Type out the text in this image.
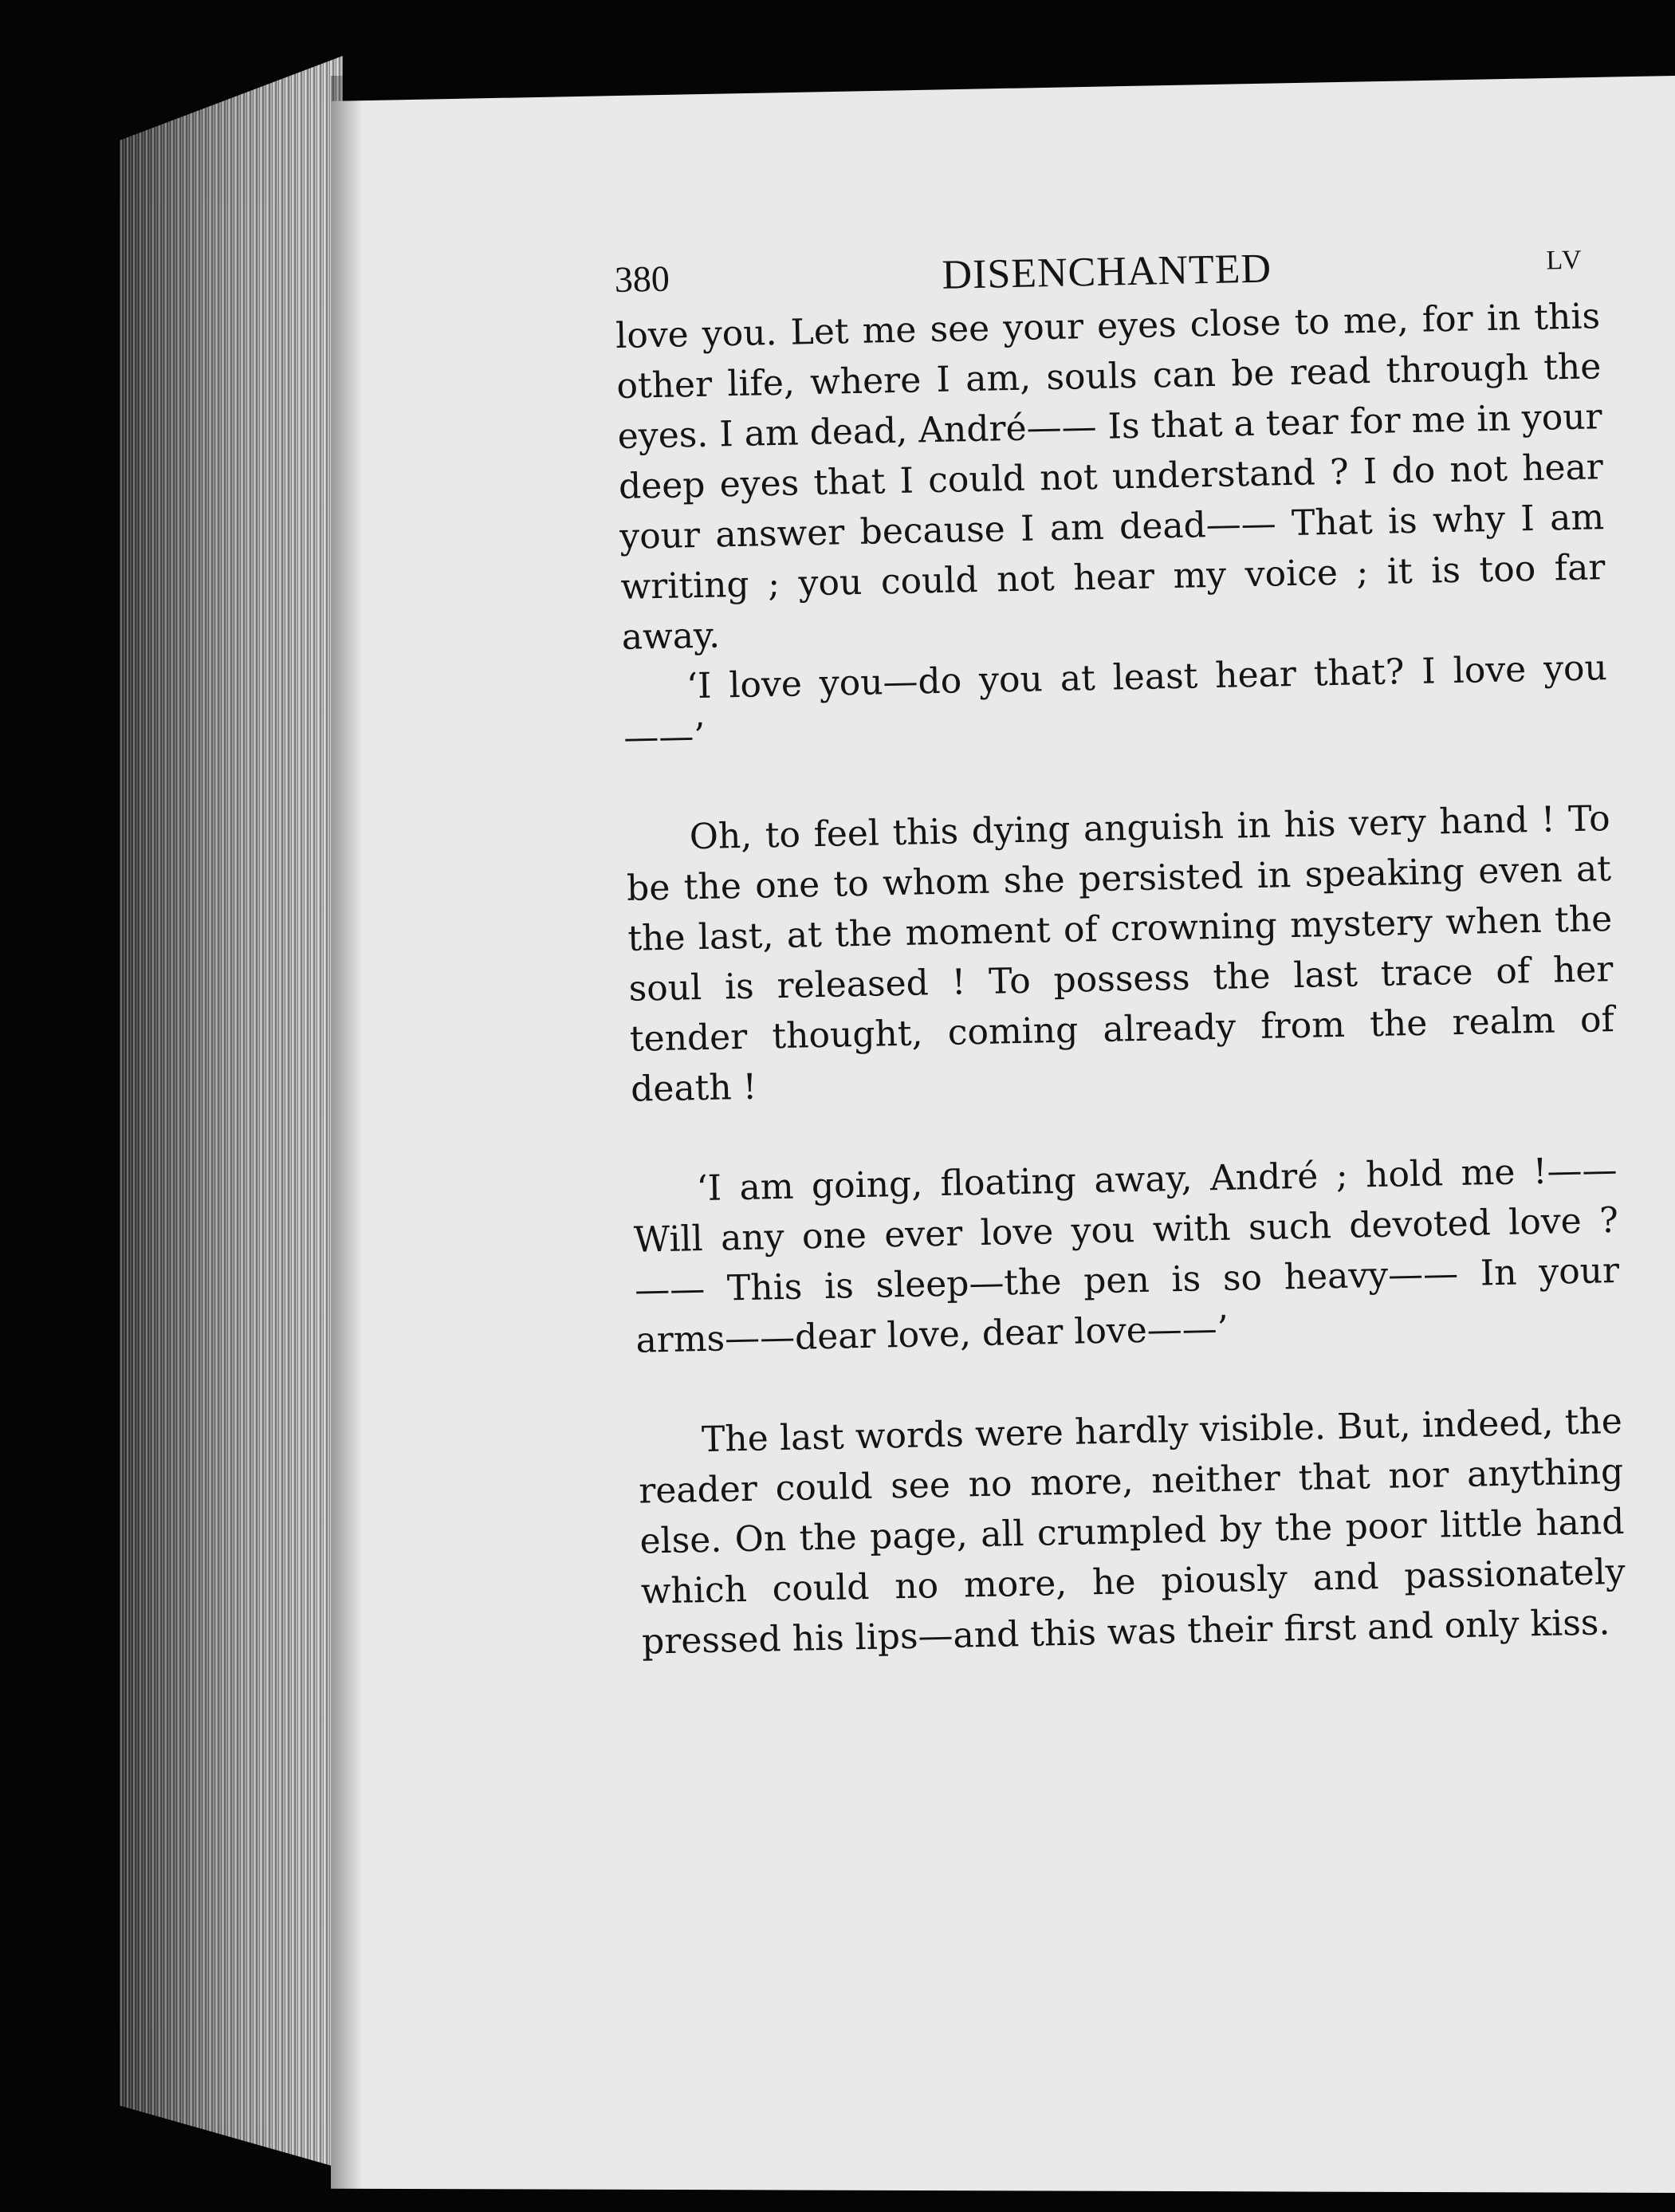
380	DISENCHANTED	LV

love you. Let me see your eyes close to me, for in this other life, where I am, souls can be read through the eyes. I am dead, André—— Is that a tear for me in your deep eyes that I could not understand ? I do not hear your answer because I am dead—— That is why I am writing ; you could not hear my voice ; it is too far away.

‘I love you—do you at least hear that? I love you——’

Oh, to feel this dying anguish in his very hand ! To be the one to whom she persisted in speaking even at the last, at the moment of crowning mystery when the soul is released ! To possess the last trace of her tender thought, coming already from the realm of death !

‘I am going, floating away, André ; hold me !—— Will any one ever love you with such devoted love ?—— This is sleep—the pen is so heavy—— In your arms——dear love, dear love——’

The last words were hardly visible. But, indeed, the reader could see no more, neither that nor anything else. On the page, all crumpled by the poor little hand which could no more, he piously and passionately pressed his lips—and this was their first and only kiss.
